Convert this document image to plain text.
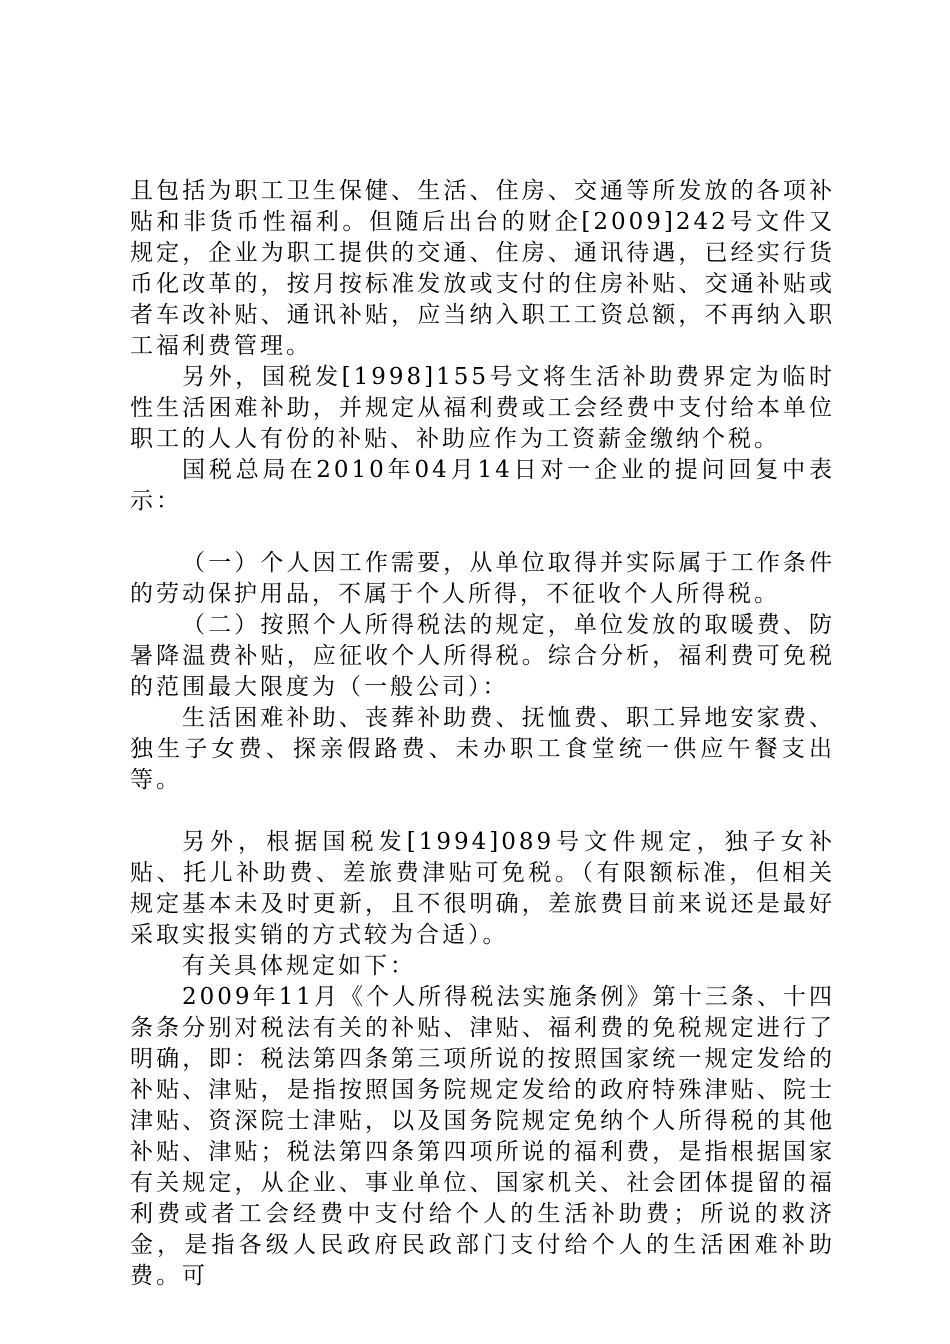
且包括为职工卫生保健、生活、住房、交通等所发放的各项补贴和非货币性福利。但随后出台的财企[2009]242号文件又规定，企业为职工提供的交通、住房、通讯待遇，已经实行货币化改革的，按月按标准发放或支付的住房补贴、交通补贴或者车改补贴、通讯补贴，应当纳入职工工资总额，不再纳入职工福利费管理。

另外，国税发[1998]155号文将生活补助费界定为临时性生活困难补助，并规定从福利费或工会经费中支付给本单位职工的人人有份的补贴、补助应作为工资薪金缴纳个税。

国税总局在2010年04月14日对一企业的提问回复中表示：

（一）个人因工作需要，从单位取得并实际属于工作条件的劳动保护用品，不属于个人所得，不征收个人所得税。

（二）按照个人所得税法的规定，单位发放的取暖费、防暑降温费补贴，应征收个人所得税。综合分析，福利费可免税的范围最大限度为（一般公司）：

生活困难补助、丧葬补助费、抚恤费、职工异地安家费、独生子女费、探亲假路费、未办职工食堂统一供应午餐支出等。

另外，根据国税发[1994]089号文件规定，独子女补贴、托儿补助费、差旅费津贴可免税。（有限额标准，但相关规定基本未及时更新，且不很明确，差旅费目前来说还是最好采取实报实销的方式较为合适）。

有关具体规定如下：

2009年11月《个人所得税法实施条例》第十三条、十四条条分别对税法有关的补贴、津贴、福利费的免税规定进行了明确，即：税法第四条第三项所说的按照国家统一规定发给的补贴、津贴，是指按照国务院规定发给的政府特殊津贴、院士津贴、资深院士津贴，以及国务院规定免纳个人所得税的其他补贴、津贴；税法第四条第四项所说的福利费，是指根据国家有关规定，从企业、事业单位、国家机关、社会团体提留的福利费或者工会经费中支付给个人的生活补助费；所说的救济金，是指各级人民政府民政部门支付给个人的生活困难补助费。可
